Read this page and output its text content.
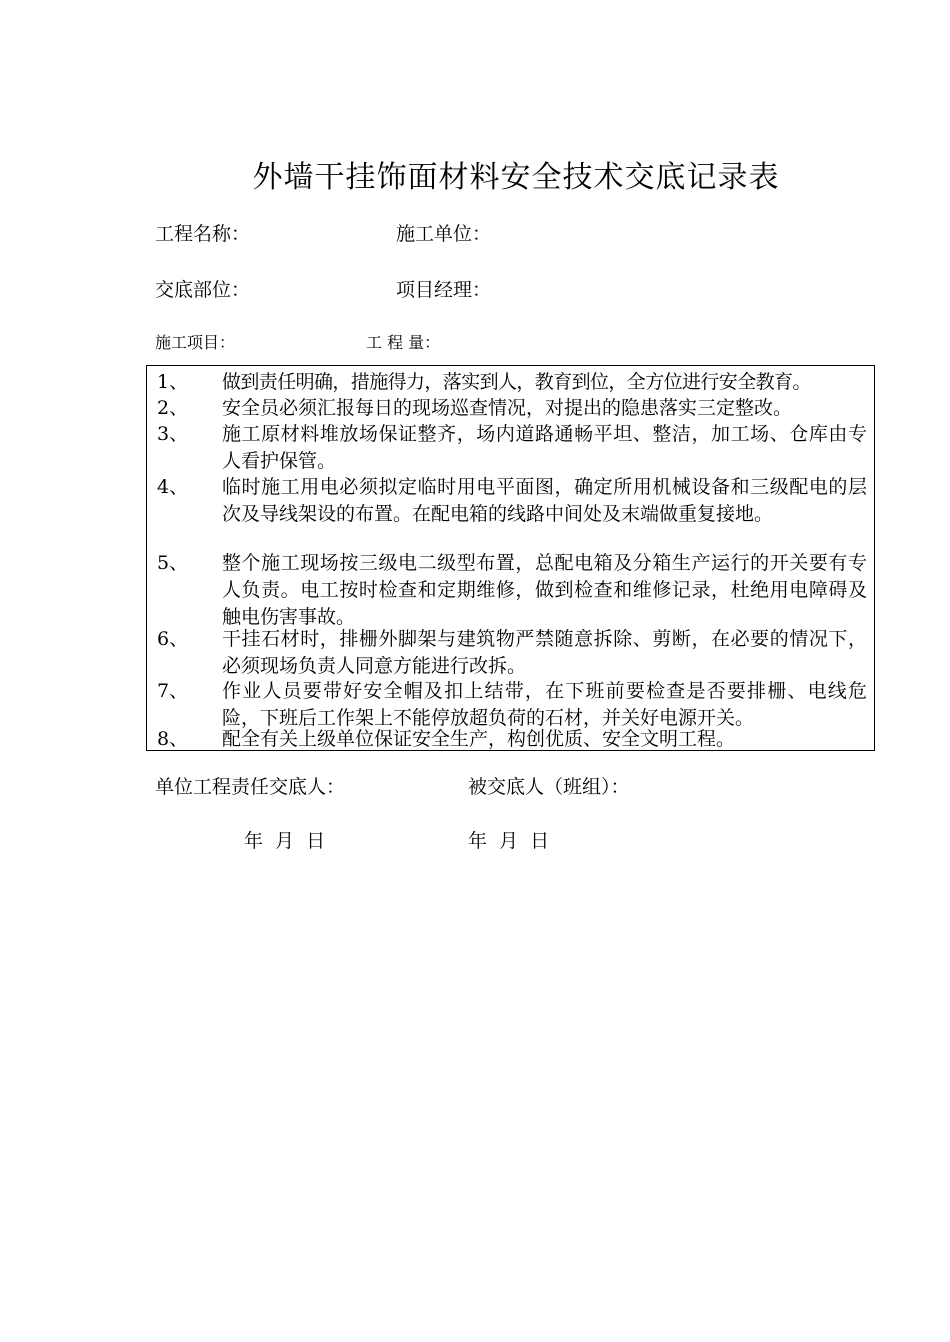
外墙干挂饰面材料安全技术交底记录表
工程名称：	施工单位：
交底部位：	项目经理：
施工项目：	工 程 量：
1、 做到责任明确，措施得力，落实到人，教育到位，全方位进行安全教育。
2、 安全员必须汇报每日的现场巡查情况，对提出的隐患落实三定整改。
3、 施工原材料堆放场保证整齐，场内道路通畅平坦、整洁，加工场、仓库由专人看护保管。
4、 临时施工用电必须拟定临时用电平面图，确定所用机械设备和三级配电的层次及导线架设的布置。在配电箱的线路中间处及末端做重复接地。
5、 整个施工现场按三级电二级型布置，总配电箱及分箱生产运行的开关要有专人负责。电工按时检查和定期维修，做到检查和维修记录，杜绝用电障碍及触电伤害事故。
6、 干挂石材时，排栅外脚架与建筑物严禁随意拆除、剪断，在必要的情况下，必须现场负责人同意方能进行改拆。
7、 作业人员要带好安全帽及扣上结带，在下班前要检查是否要排栅、电线危险，下班后工作架上不能停放超负荷的石材，并关好电源开关。
8、 配全有关上级单位保证安全生产，构创优质、安全文明工程。
单位工程责任交底人：	被交底人（班组）：
年  月  日	年  月  日
